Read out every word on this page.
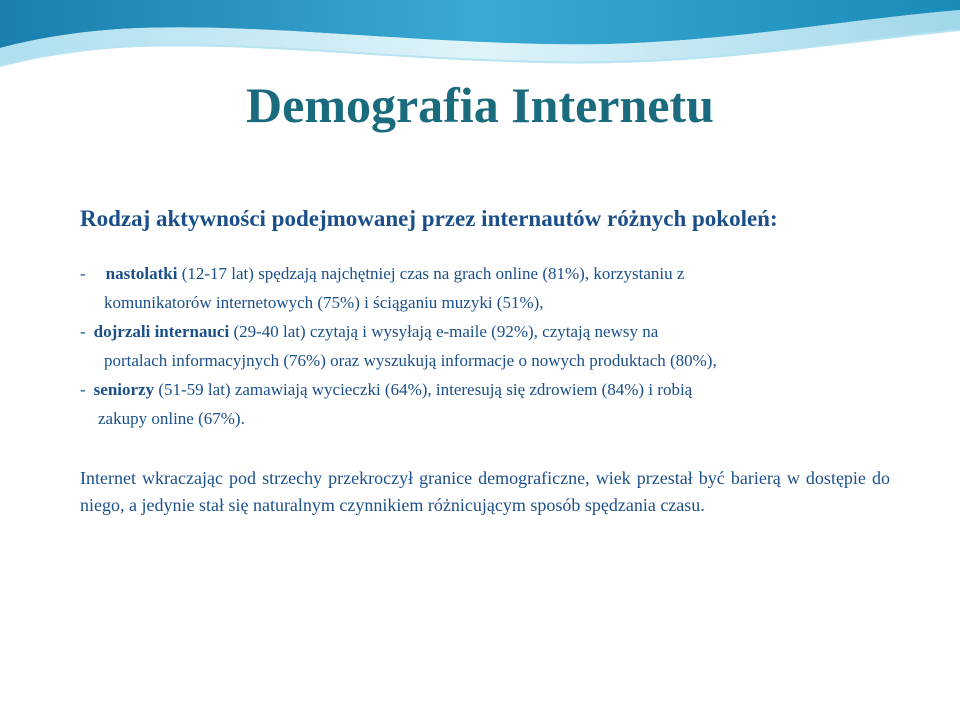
Demografia Internetu
Rodzaj aktywności podejmowanej przez internautów różnych pokoleń:

- nastolatki (12-17 lat) spędzają najchętniej czas na grach online (81%), korzystaniu z
komunikatorów internetowych (75%) i ściąganiu muzyki (51%),

- dojrzali internauci (29-40 lat) czytają i wysyłają e-maile (92%), czytają newsy na
portalach informacyjnych (76%) oraz wyszukują informacje o nowych produktach (80%),

- seniorzy (51-59 lat) zamawiają wycieczki (64%), interesują się zdrowiem (84%) i robią
zakupy online (67%).

Internet wkraczając pod strzechy przekroczył granice demograficzne, wiek przestał być barierą w dostępie do niego, a jedynie stał się naturalnym czynnikiem różnicującym sposób spędzania czasu.
